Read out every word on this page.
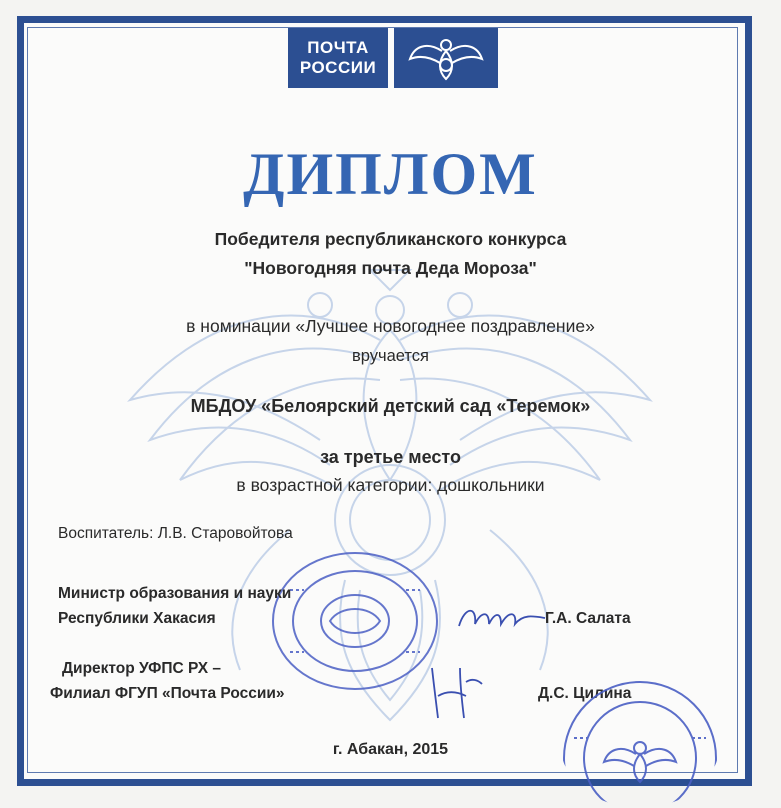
ПОЧТА
РОССИИ
ДИПЛОМ
Победителя республиканского конкурса
"Новогодняя почта Деда Мороза"
в номинации «Лучшее новогоднее поздравление»
вручается
МБДОУ «Белоярский детский сад «Теремок»
за третье место
в возрастной категории: дошкольники
Воспитатель: Л.В. Старовойтова
Министр образования и науки
Республики Хакасия	Г.А. Салата
Директор УФПС РХ –
Филиал ФГУП «Почта России»	Д.С. Цилина
г. Абакан, 2015
